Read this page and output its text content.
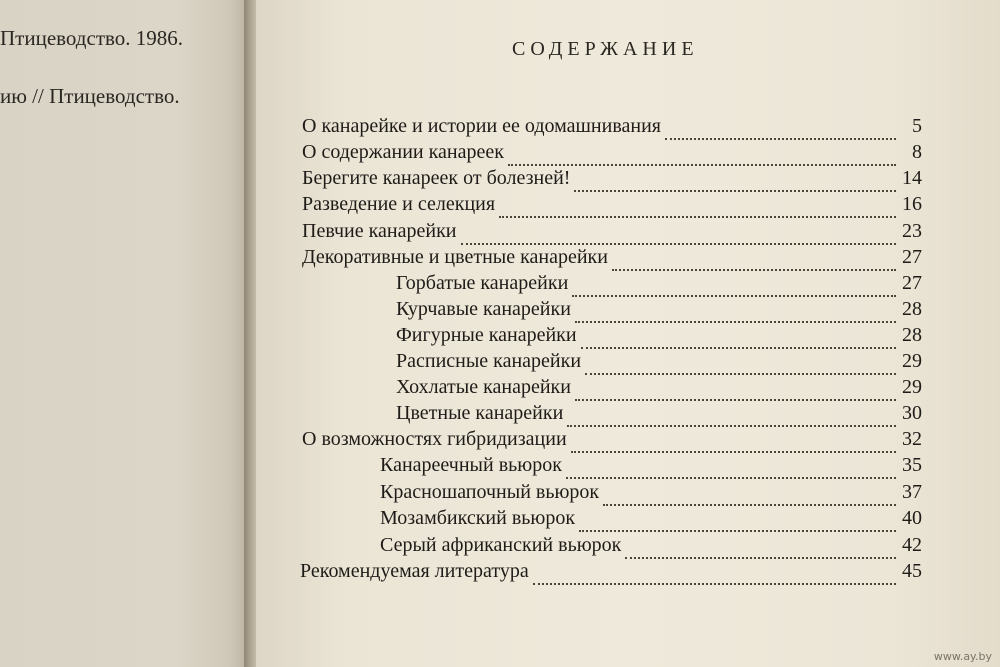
Птицеводство. 1986.
ию // Птицеводство.
СОДЕРЖАНИЕ
О канарейке и истории ее одомашнивания	5
О содержании канареек	8
Берегите канареек от болезней!	14
Разведение и селекция	16
Певчие канарейки	23
Декоративные и цветные канарейки	27
Горбатые канарейки	27
Курчавые канарейки	28
Фигурные канарейки	28
Расписные канарейки	29
Хохлатые канарейки	29
Цветные канарейки	30
О возможностях гибридизации	32
Канареечный вьюрок	35
Красношапочный вьюрок	37
Мозамбикский вьюрок	40
Серый африканский вьюрок	42
Рекомендуемая литература	45
www.ay.by
